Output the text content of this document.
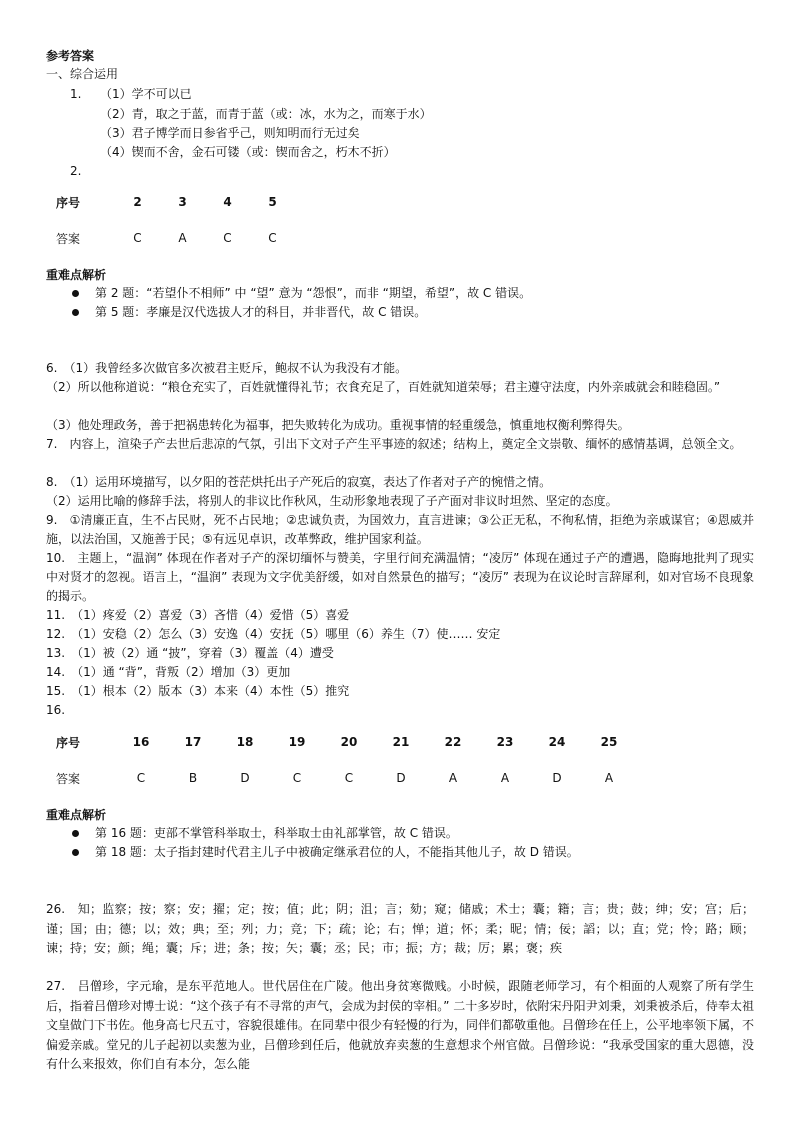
参考答案
一、综合运用
1. （1）学不可以已
（2）青，取之于蓝，而青于蓝（或：冰，水为之，而寒于水）
（3）君子博学而日参省乎己，则知明而行无过矣
（4）锲而不舍，金石可镂（或：锲而舍之，朽木不折）
2.
序号	2	3	4	5

答案	C	A	C	C
重难点解析
第 2 题：“若望仆不相师” 中 “望” 意为 “怨恨”，而非 “期望，希望”，故 C 错误。
第 5 题：孝廉是汉代选拔人才的科目，并非晋代，故 C 错误。
6.　（1）我曾经多次做官多次被君主贬斥，鲍叔不认为我没有才能。
（2）所以他称道说：“粮仓充实了，百姓就懂得礼节；衣食充足了，百姓就知道荣辱；君主遵守法度，内外亲戚就会和睦稳固。”
（3）他处理政务，善于把祸患转化为福事，把失败转化为成功。重视事情的轻重缓急，慎重地权衡利弊得失。
7.　内容上，渲染子产去世后悲凉的气氛，引出下文对子产生平事迹的叙述；结构上，奠定全文崇敬、缅怀的感情基调，总领全文。
8.　（1）运用环境描写，以夕阳的苍茫烘托出子产死后的寂寞，表达了作者对子产的惋惜之情。
（2）运用比喻的修辞手法，将别人的非议比作秋风，生动形象地表现了子产面对非议时坦然、坚定的态度。
9.　①清廉正直，生不占民财，死不占民地；②忠诚负责，为国效力，直言进谏；③公正无私，不徇私情，拒绝为亲戚谋官；④恩威并施，以法治国，又施善于民；⑤有远见卓识，改革弊政，维护国家利益。
10.　主题上，“温润” 体现在作者对子产的深切缅怀与赞美，字里行间充满温情；“凌厉” 体现在通过子产的遭遇，隐晦地批判了现实中对贤才的忽视。语言上，“温润” 表现为文字优美舒缓，如对自然景色的描写；“凌厉” 表现为在议论时言辞犀利，如对官场不良现象的揭示。
11.　（1）疼爱（2）喜爱（3）吝惜（4）爱惜（5）喜爱
12.　（1）安稳（2）怎么（3）安逸（4）安抚（5）哪里（6）养生（7）使…… 安定
13.　（1）被（2）通 “披”，穿着（3）覆盖（4）遭受
14.　（1）通 “背”，背叛（2）增加（3）更加
15.　（1）根本（2）版本（3）本来（4）本性（5）推究
16.
序号	16	17	18	19	20	21	22	23	24	25

答案	C	B	D	C	C	D	A	A	D	A
重难点解析
第 16 题：吏部不掌管科举取士，科举取士由礼部掌管，故 C 错误。
第 18 题：太子指封建时代君主儿子中被确定继承君位的人，不能指其他儿子，故 D 错误。
26.　知；监察；按；察；安；擢；定；按；值；此；阴；沮；言；劾；窥；储戚；术士；囊；籍；言；贵；鼓；绅；安；宫；后；谨；国；由；德；以；效；典；至；列；力；竞；下；疏；论；右；惮；道；怀；柔；昵；情；佞；謟；以；直；党；怜；路；顾；谏；持；安；颜；绳；囊；斥；进；条；按；矢；囊；丞；民；市；振；方；裁；厉；累；褒；疾
27.　吕僧珍，字元瑜，是东平范地人。世代居住在广陵。他出身贫寒微贱。小时候，跟随老师学习，有个相面的人观察了所有学生后，指着吕僧珍对博士说：“这个孩子有不寻常的声气，会成为封侯的宰相。” 二十多岁时，依附宋丹阳尹刘秉，刘秉被杀后，侍奉太祖文皇做门下书佐。他身高七尺五寸，容貌很雄伟。在同辈中很少有轻慢的行为，同伴们都敬重他。吕僧珍在任上，公平地率领下属，不偏爱亲戚。堂兄的儿子起初以卖葱为业，吕僧珍到任后，他就放弃卖葱的生意想求个州官做。吕僧珍说：“我承受国家的重大恩德，没有什么来报效，你们自有本分，怎么能
